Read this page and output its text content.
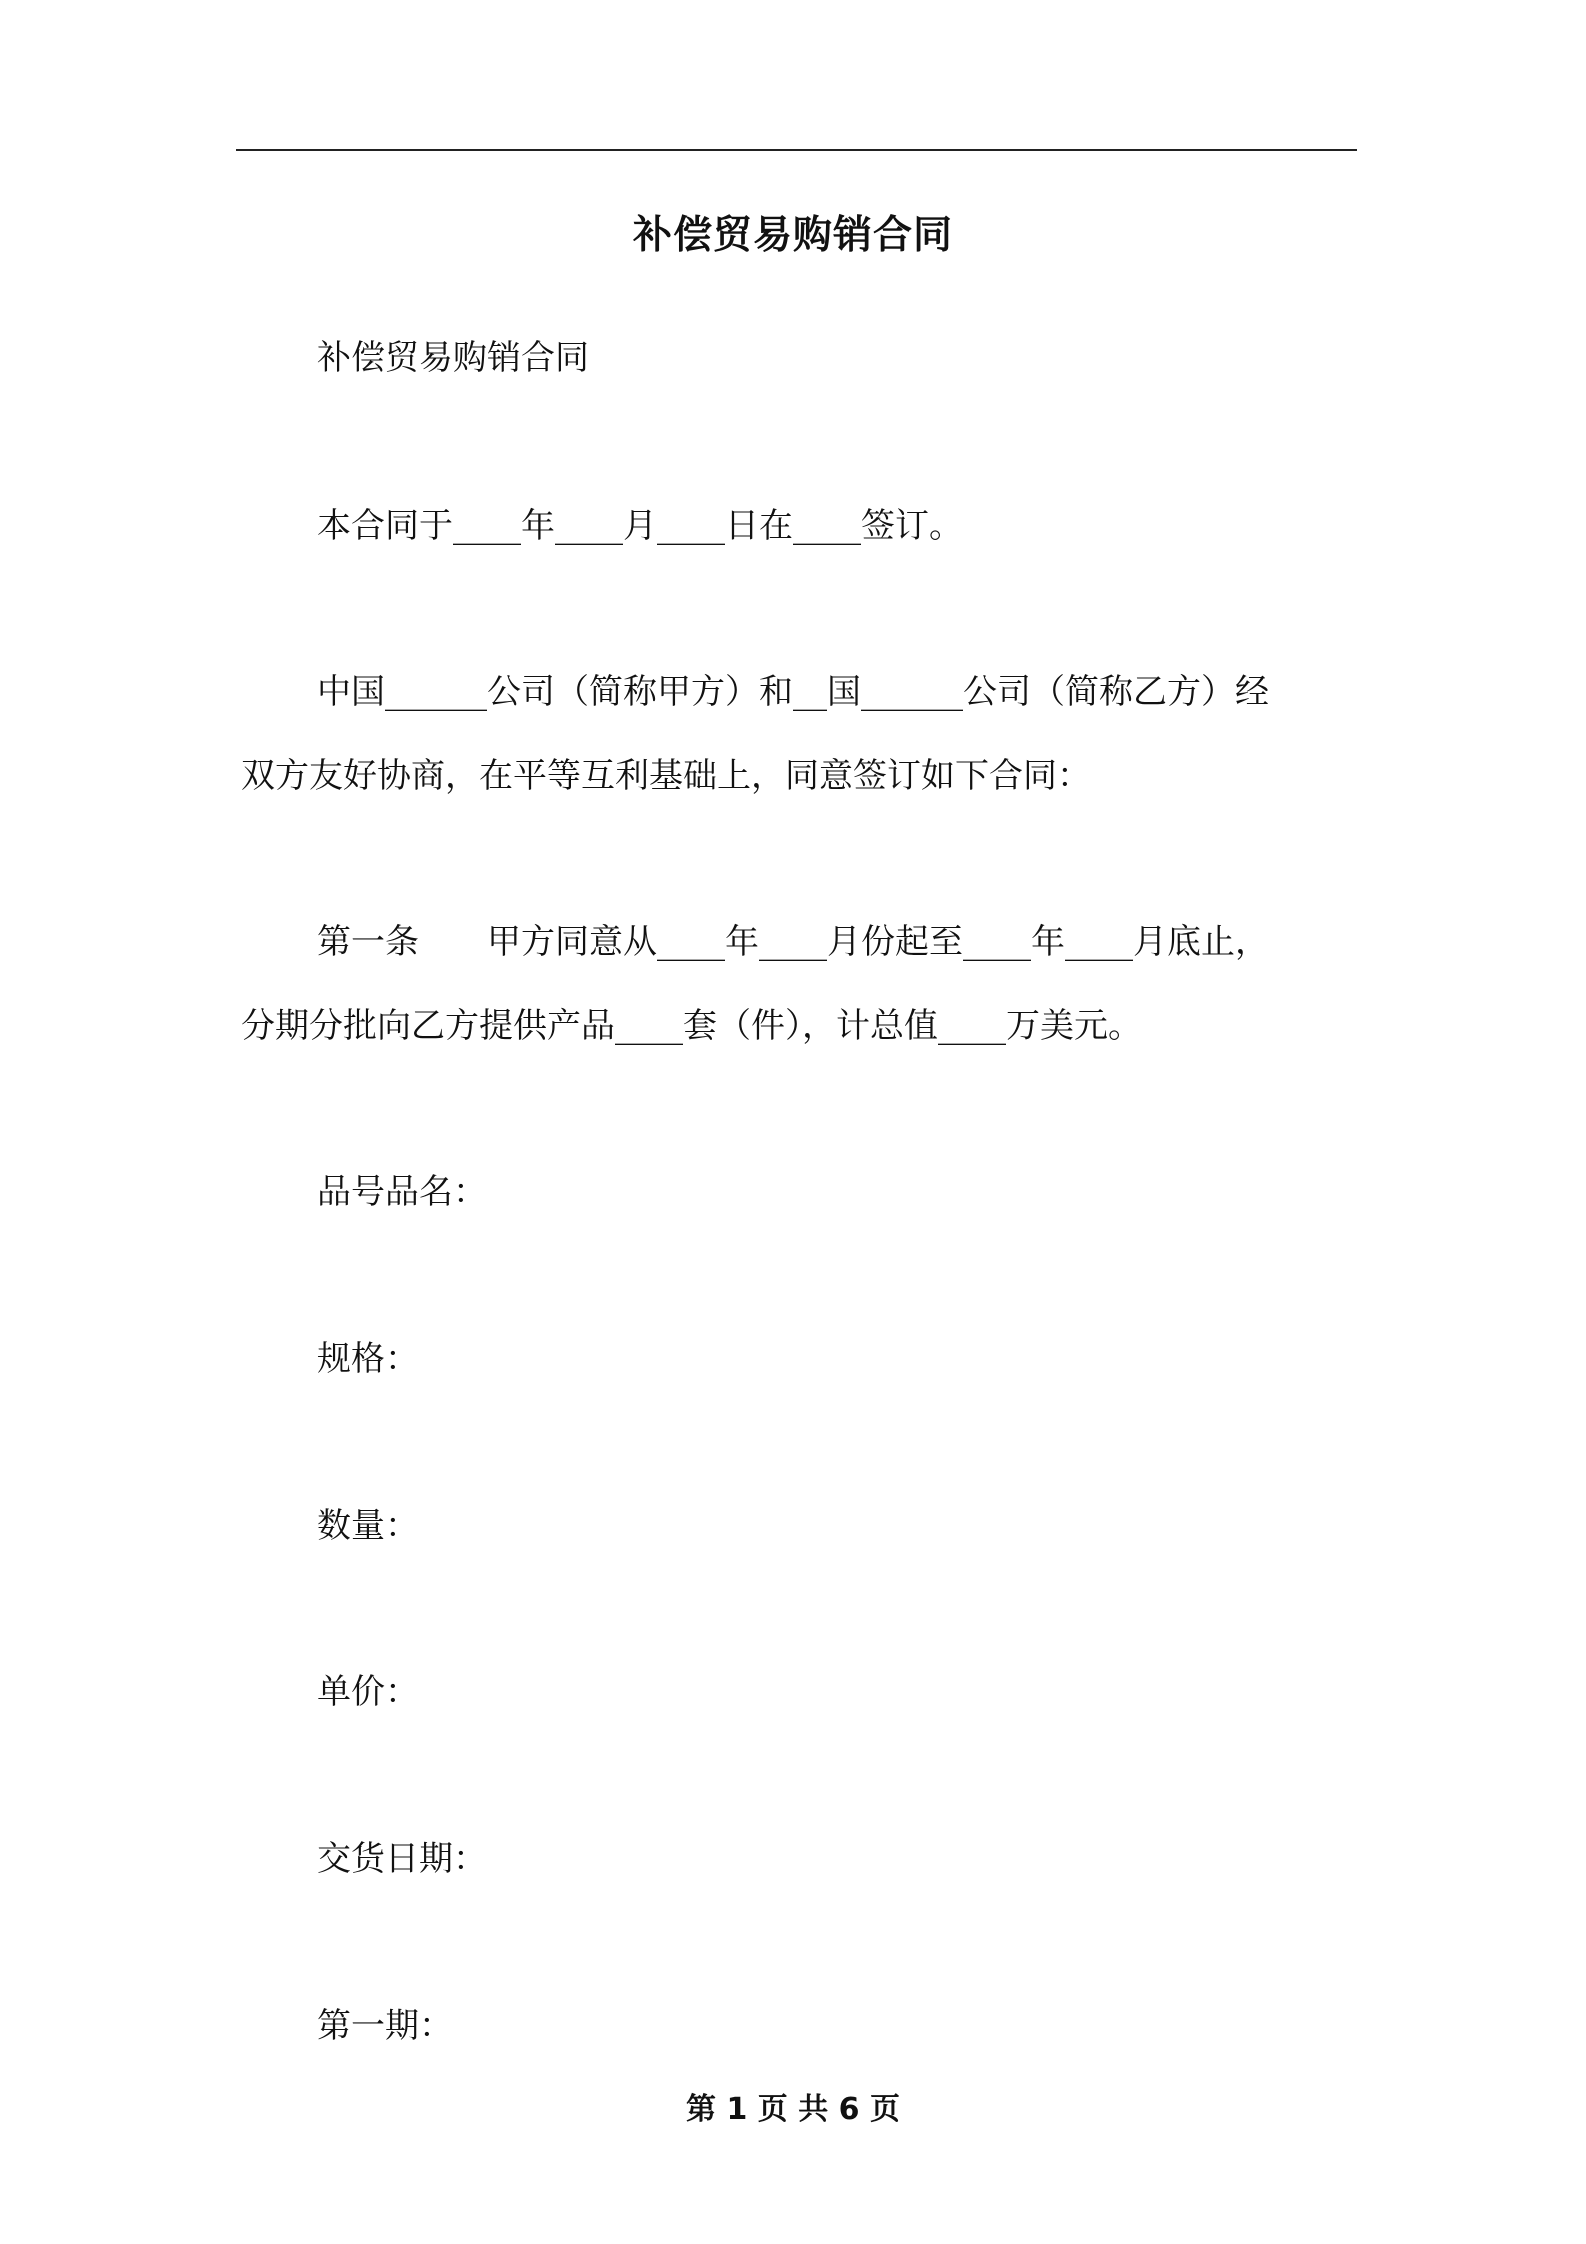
补偿贸易购销合同
补偿贸易购销合同
本合同于____年____月____日在____签订。
中国______公司（简称甲方）和__国______公司（简称乙方）经
双方友好协商，在平等互利基础上，同意签订如下合同：
第一条　　甲方同意从____年____月份起至____年____月底止，
分期分批向乙方提供产品____套（件），计总值____万美元。
品号品名：
规格：
数量：
单价：
交货日期：
第一期：
第 1 页 共 6 页
